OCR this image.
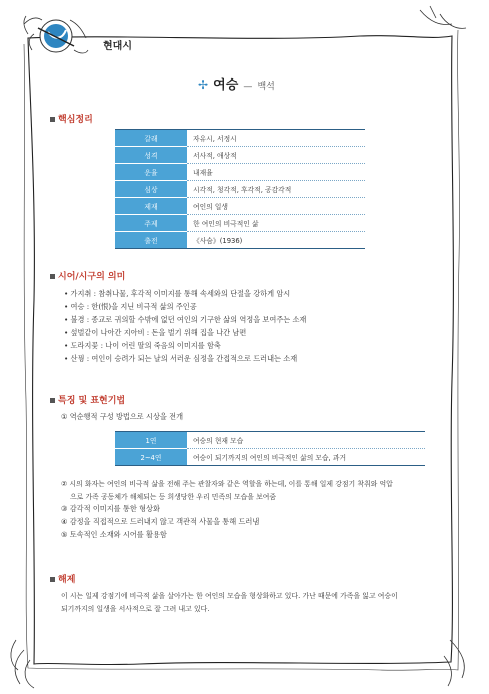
현대시
✢ 여승 — 백석
핵심정리
갈래	자유시, 서정시
성격	서사적, 애상적
운율	내재율
심상	시각적, 청각적, 후각적, 공감각적
제재	여인의 일생
주제	한 여인의 비극적인 삶
출전	《사슴》(1936)
시어/시구의 의미
• 가지취 : 참취나물, 후각적 이미지를 통해 속세와의 단절을 강하게 암시
• 여승 : 한(恨)을 지닌 비극적 삶의 주인공
• 불경 : 종교로 귀의할 수밖에 없던 여인의 기구한 삶의 역정을 보여주는 소재
• 섶벌같이 나아간 지아비 : 돈을 벌기 위해 집을 나간 남편
• 도라지꽃 : 나이 어린 딸의 죽음의 이미지를 함축
• 산꿩 : 여인이 승려가 되는 날의 서러운 심정을 간접적으로 드러내는 소재
특징 및 표현기법
① 역순행적 구성 방법으로 시상을 전개
1연	여승의 현재 모습
2~4연	여승이 되기까지의 여인의 비극적인 삶의 모습, 과거
② 시의 화자는 여인의 비극적 삶을 전해 주는 관찰자와 같은 역할을 하는데, 이를 통해 일제 강점기 착취와 억압
으로 가족 공동체가 해체되는 등 희생당한 우리 민족의 모습을 보여줌
③ 감각적 이미지를 통한 형상화
④ 감정을 직접적으로 드러내지 않고 객관적 사물을 통해 드러냄
⑤ 토속적인 소재와 시어를 활용함
해제
이 시는 일제 강점기에 비극적 삶을 살아가는 한 여인의 모습을 형상화하고 있다. 가난 때문에 가족을 잃고 여승이
되기까지의 일생을 서사적으로 잘 그려 내고 있다.
